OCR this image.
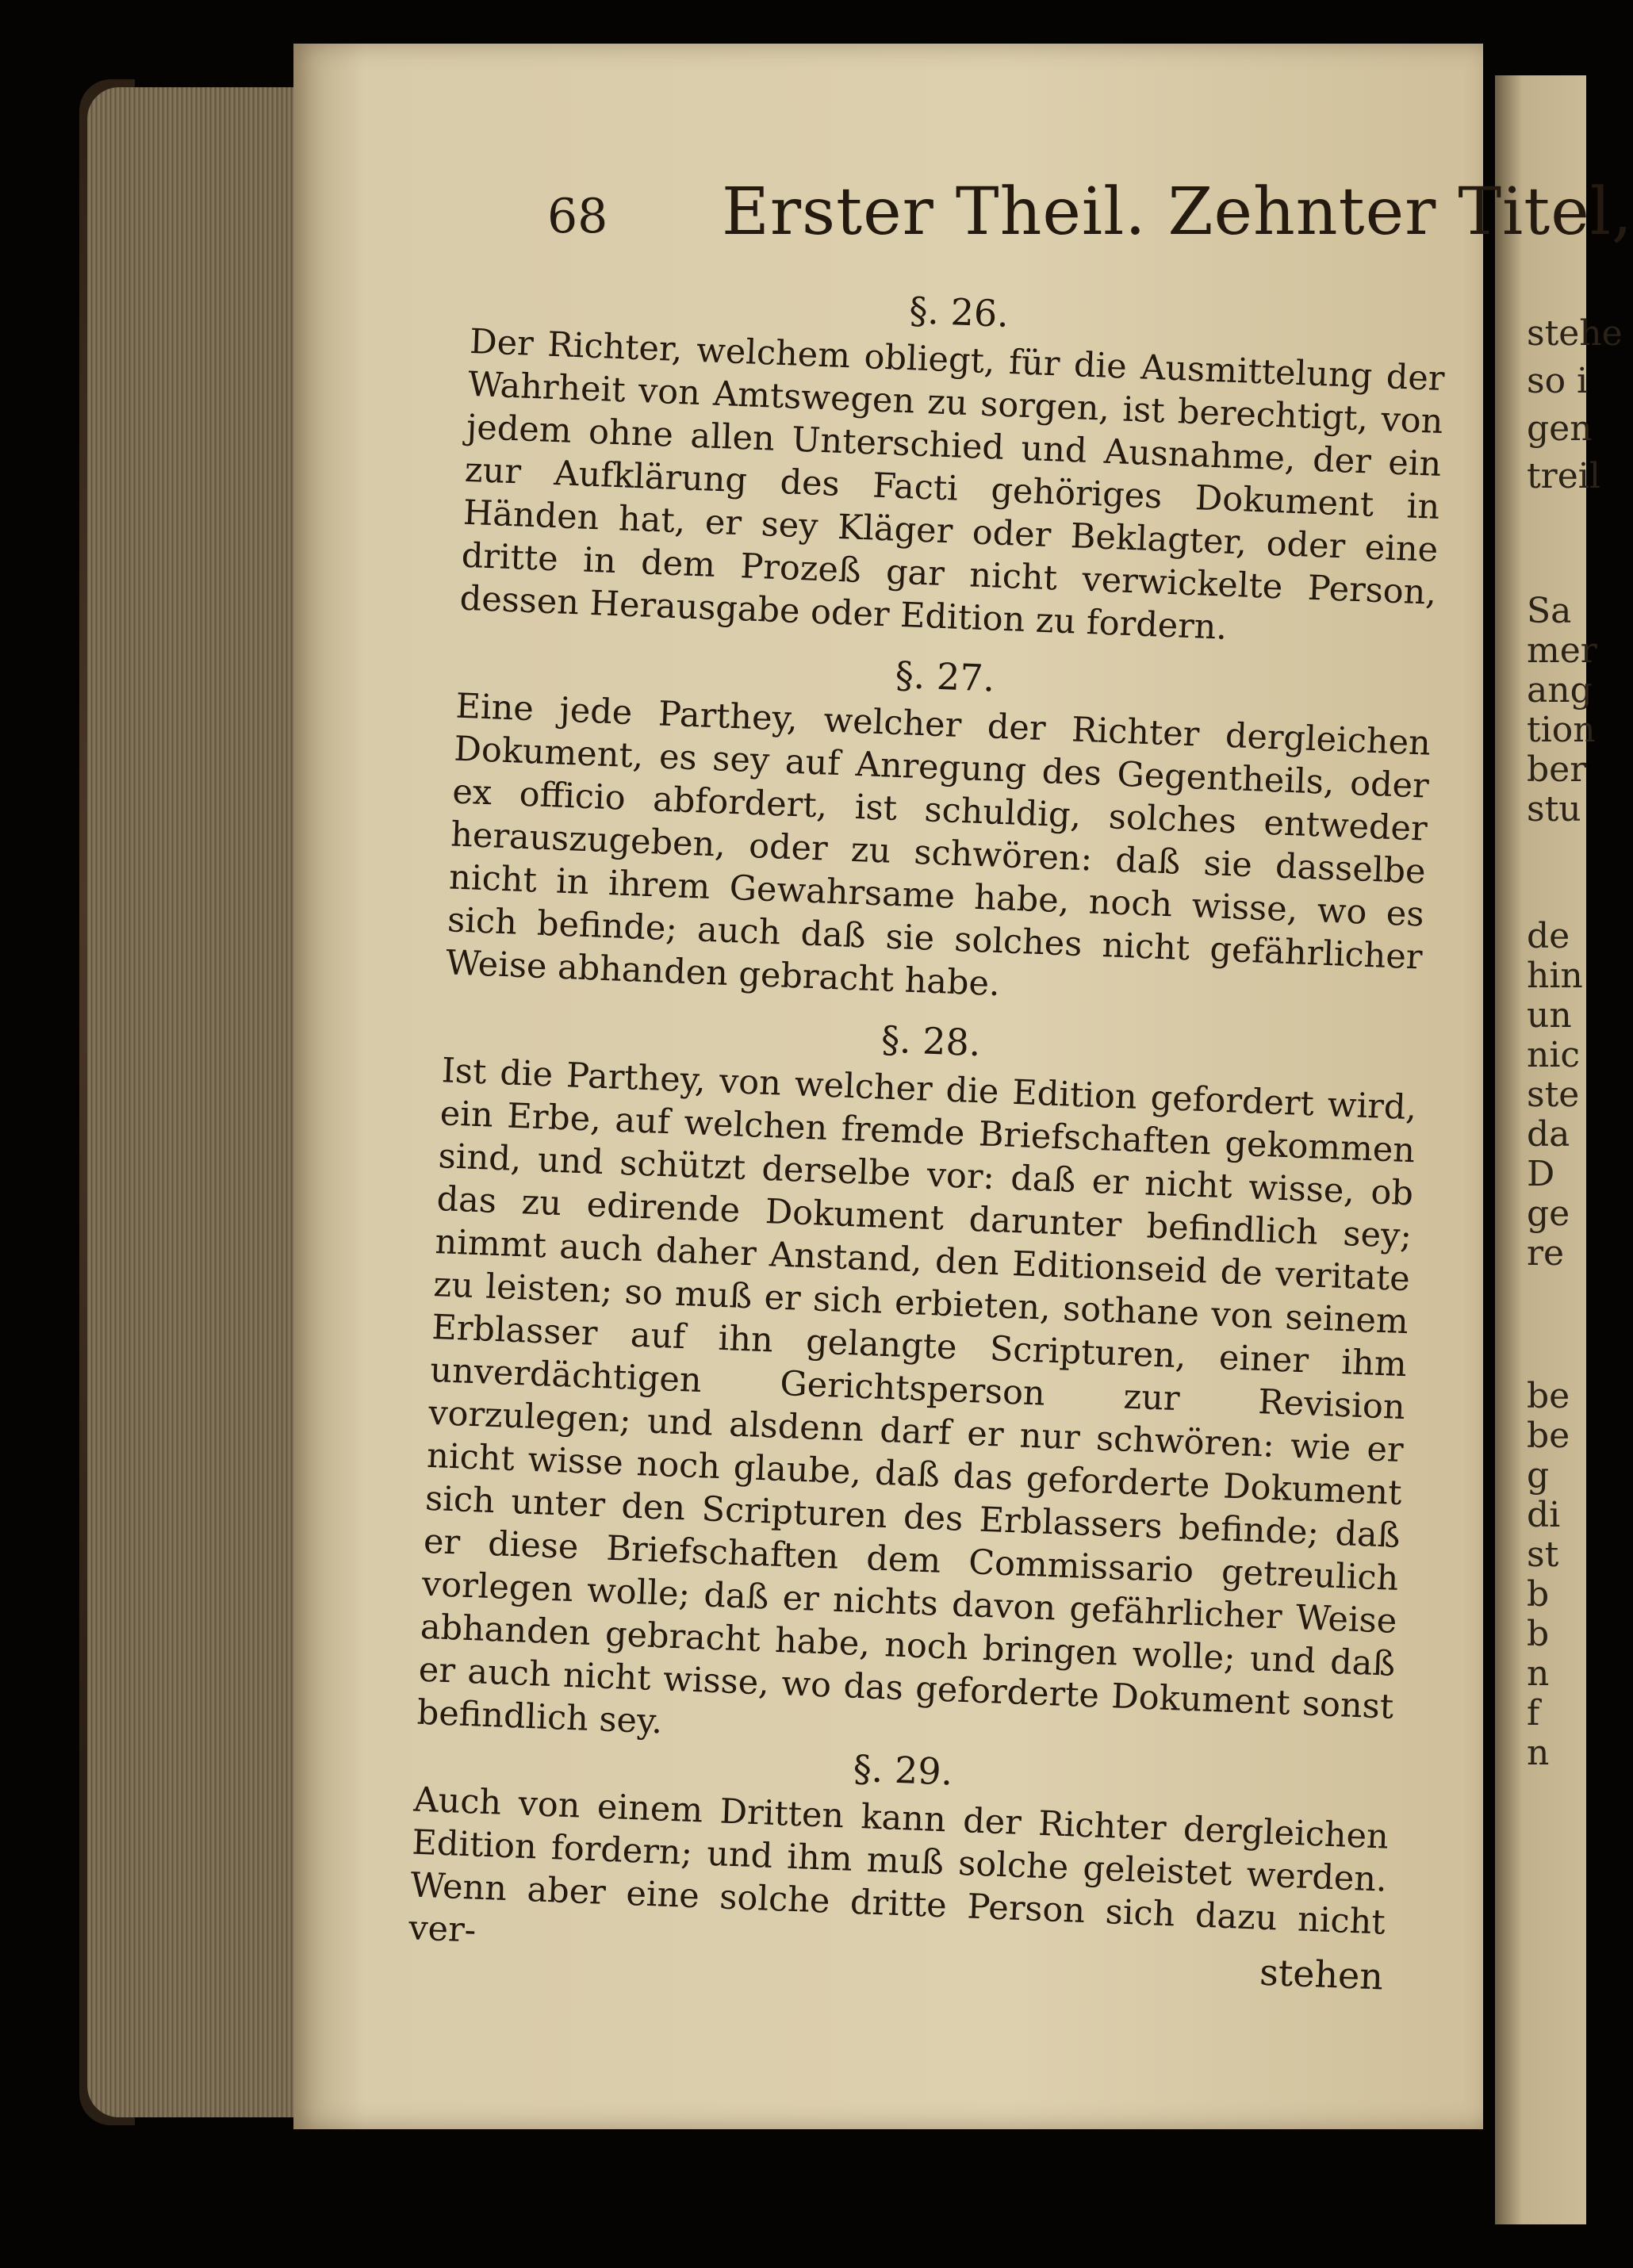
stehe
so i
gen
treil
Sa
mer
ang
tion
ber
stu
de
hin
un
nic
ste
da
D
ge
re
be
be
g
di
st
b
b
n
f
n
68 Erster Theil. Zehnter Titel,
§. 26.
Der Richter, welchem obliegt, für die Ausmittelung der Wahrheit von Amtswegen zu sorgen, ist berechtigt, von jedem ohne allen Unterschied und Ausnahme, der ein zur Aufklärung des Facti gehöriges Dokument in Händen hat, er sey Kläger oder Beklagter, oder eine dritte in dem Prozeß gar nicht verwickelte Person, dessen Herausgabe oder Edition zu fordern.
§. 27.
Eine jede Parthey, welcher der Richter dergleichen Dokument, es sey auf Anregung des Gegentheils, oder ex officio abfordert, ist schuldig, solches entweder herauszugeben, oder zu schwören: daß sie dasselbe nicht in ihrem Gewahrsame habe, noch wisse, wo es sich befinde; auch daß sie solches nicht gefährlicher Weise abhanden gebracht habe.
§. 28.
Ist die Parthey, von welcher die Edition gefordert wird, ein Erbe, auf welchen fremde Briefschaften gekommen sind, und schützt derselbe vor: daß er nicht wisse, ob das zu edirende Dokument darunter befindlich sey; nimmt auch daher Anstand, den Editionseid de veritate zu leisten; so muß er sich erbieten, sothane von seinem Erblasser auf ihn gelangte Scripturen, einer ihm unverdächtigen Gerichtsperson zur Revision vorzulegen; und alsdenn darf er nur schwören: wie er nicht wisse noch glaube, daß das geforderte Dokument sich unter den Scripturen des Erblassers befinde; daß er diese Briefschaften dem Commissario getreulich vorlegen wolle; daß er nichts davon gefährlicher Weise abhanden gebracht habe, noch bringen wolle; und daß er auch nicht wisse, wo das geforderte Dokument sonst befindlich sey.
§. 29.
Auch von einem Dritten kann der Richter dergleichen Edition fordern; und ihm muß solche geleistet werden. Wenn aber eine solche dritte Person sich dazu nicht ver-
stehen
